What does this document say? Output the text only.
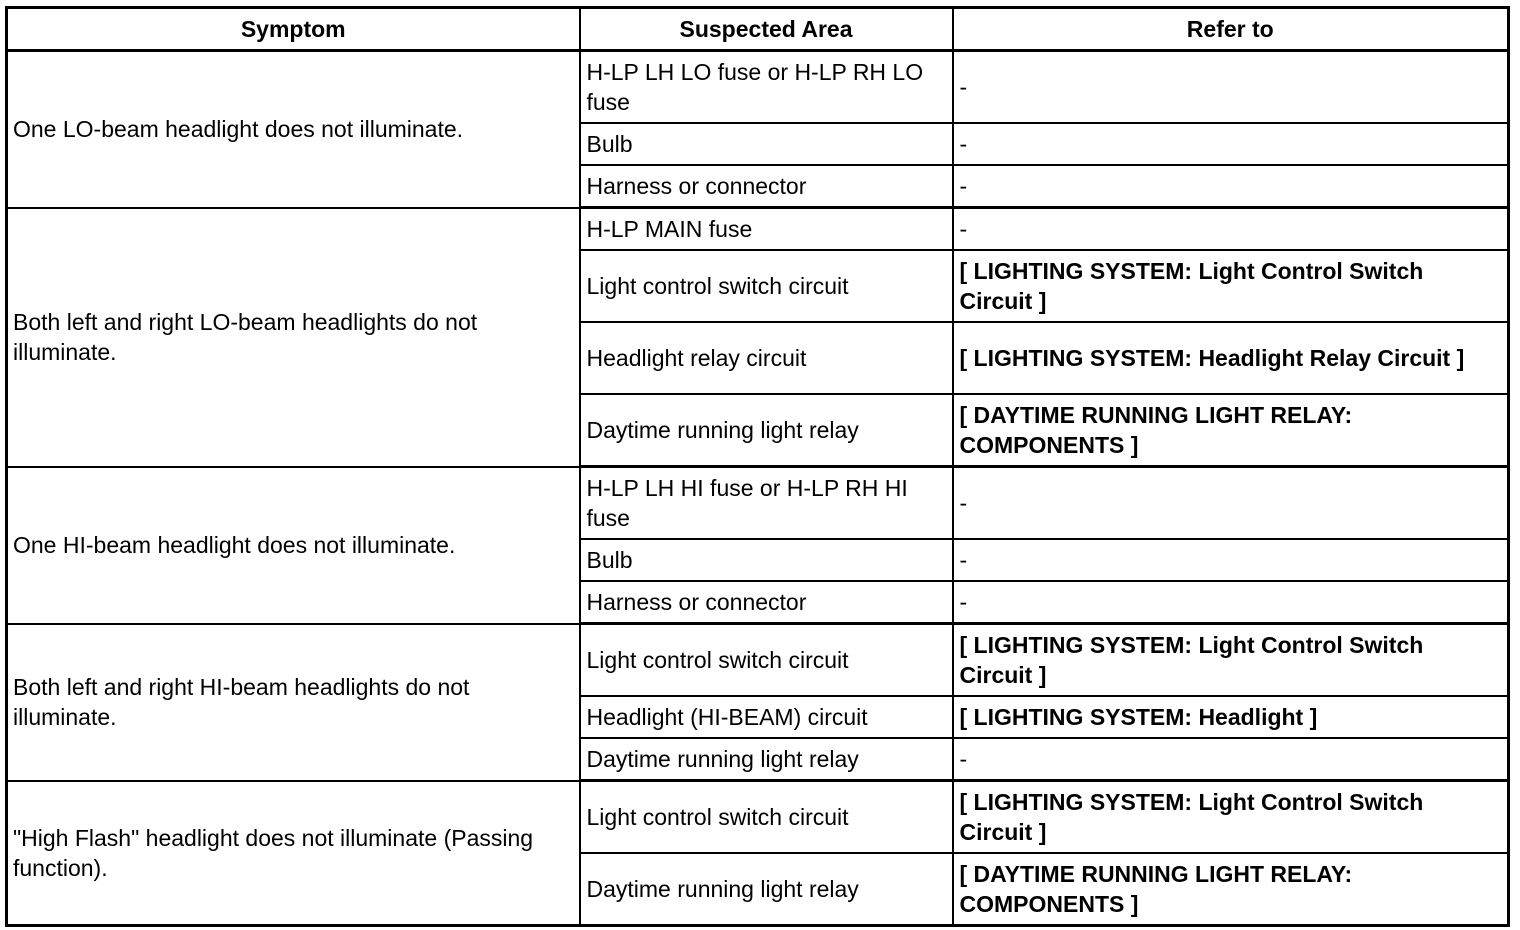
Symptom	Suspected Area	Refer to
One LO-beam headlight does not illuminate.	H-LP LH LO fuse or H-LP RH LO fuse	-
	Bulb	-
	Harness or connector	-
Both left and right LO-beam headlights do not illuminate.	H-LP MAIN fuse	-
	Light control switch circuit	[ LIGHTING SYSTEM: Light Control Switch Circuit ]
	Headlight relay circuit	[ LIGHTING SYSTEM: Headlight Relay Circuit ]
	Daytime running light relay	[ DAYTIME RUNNING LIGHT RELAY: COMPONENTS ]
One HI-beam headlight does not illuminate.	H-LP LH HI fuse or H-LP RH HI fuse	-
	Bulb	-
	Harness or connector	-
Both left and right HI-beam headlights do not illuminate.	Light control switch circuit	[ LIGHTING SYSTEM: Light Control Switch Circuit ]
	Headlight (HI-BEAM) circuit	[ LIGHTING SYSTEM: Headlight ]
	Daytime running light relay	-
"High Flash" headlight does not illuminate (Passing function).	Light control switch circuit	[ LIGHTING SYSTEM: Light Control Switch Circuit ]
	Daytime running light relay	[ DAYTIME RUNNING LIGHT RELAY: COMPONENTS ]
